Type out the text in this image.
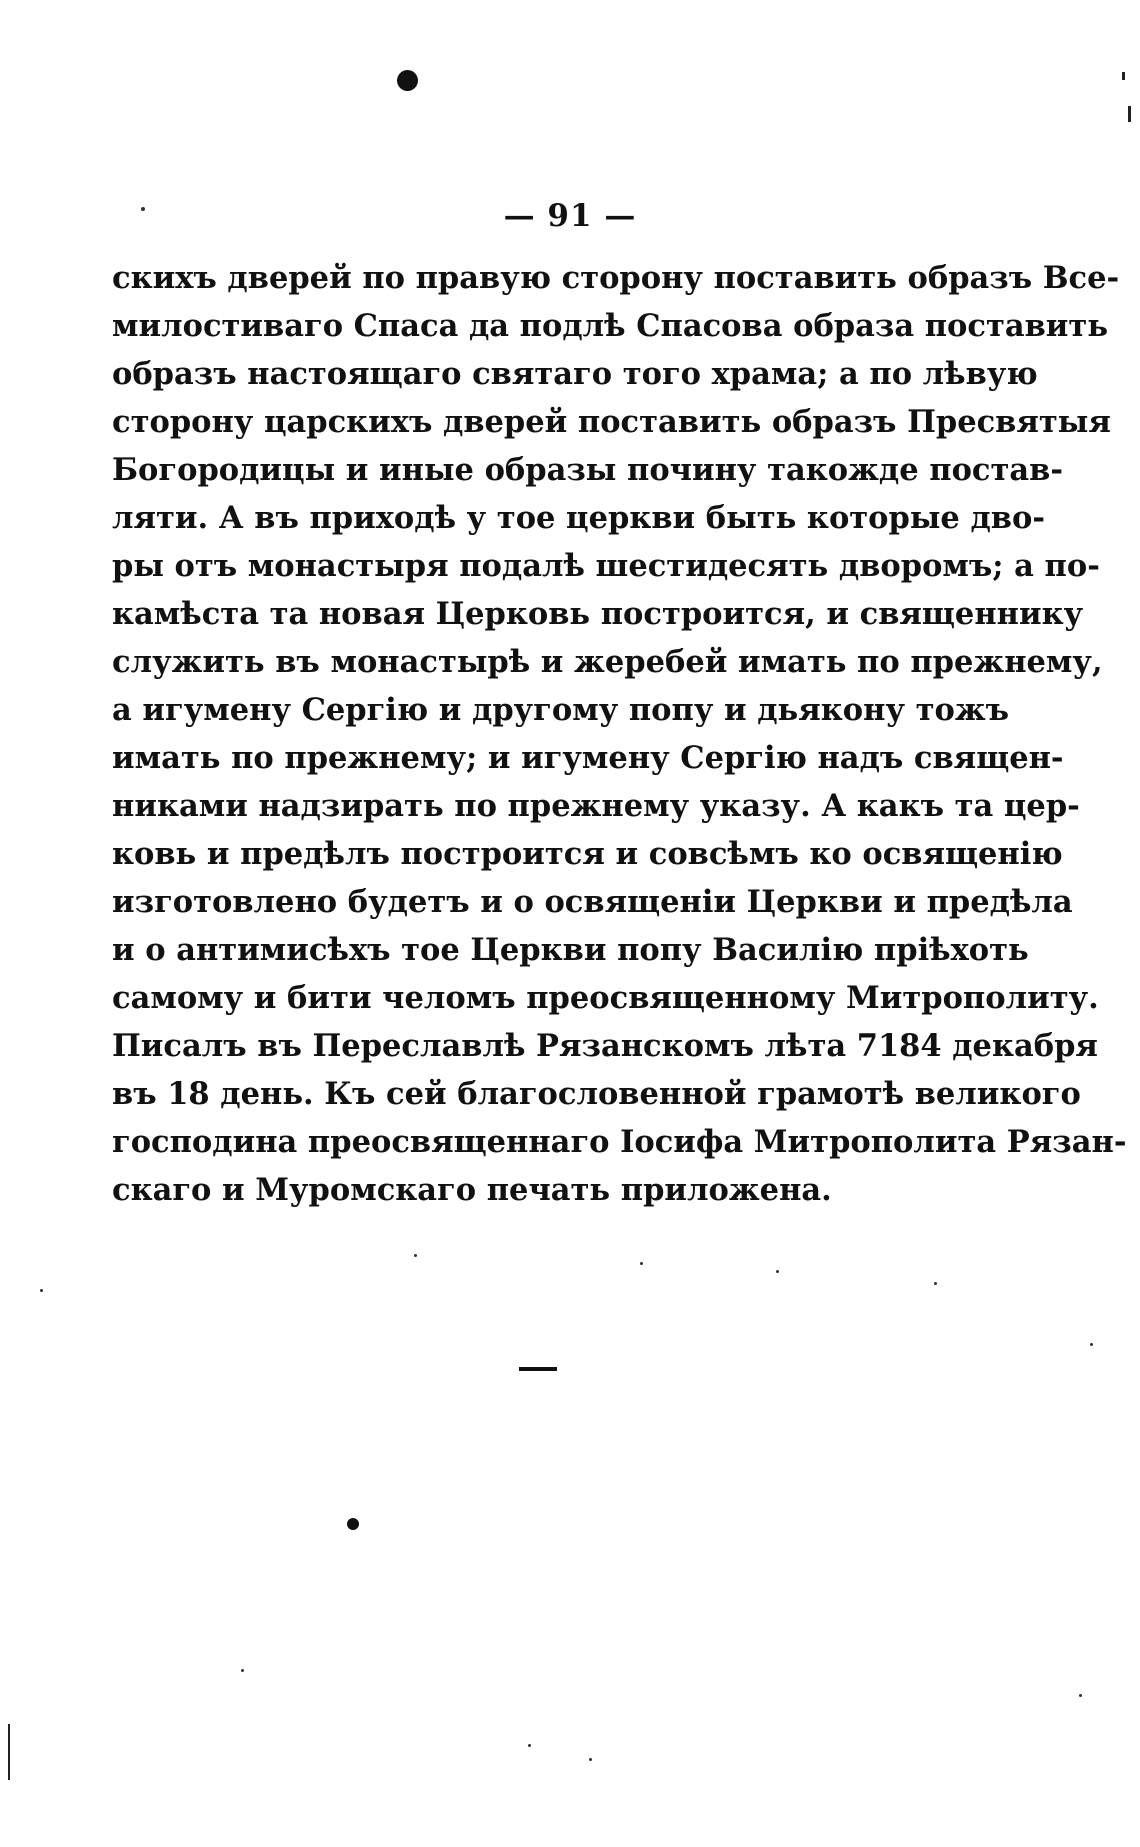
— 91 —
скихъ дверей по правую сторону поставить образъ Все-
милостиваго Спаса да подлѣ Спасова образа поставить
образъ настоящаго святаго того храма; а по лѣвую
сторону царскихъ дверей поставить образъ Пресвятыя
Богородицы и иные образы почину такожде постав-
ляти. А въ приходѣ у тое церкви быть которые дво-
ры отъ монастыря подалѣ шестидесять дворомъ; а по-
камѣста та новая Церковь построится, и священнику
служить въ монастырѣ и жеребей имать по прежнему,
а игумену Сергію и другому попу и дьякону тожъ
имать по прежнему; и игумену Сергію надъ священ-
никами надзирать по прежнему указу. А какъ та цер-
ковь и предѣлъ построится и совсѣмъ ко освященію
изготовлено будетъ и о освященіи Церкви и предѣла
и о антимисѣхъ тое Церкви попу Василію пріѣхоть
самому и бити челомъ преосвященному Митрополиту.
Писалъ въ Переславлѣ Рязанскомъ лѣта 7184 декабря
въ 18 день. Къ сей благословенной грамотѣ великого
господина преосвященнаго Іосифа Митрополита Рязан-
скаго и Муромскаго печать приложена.
